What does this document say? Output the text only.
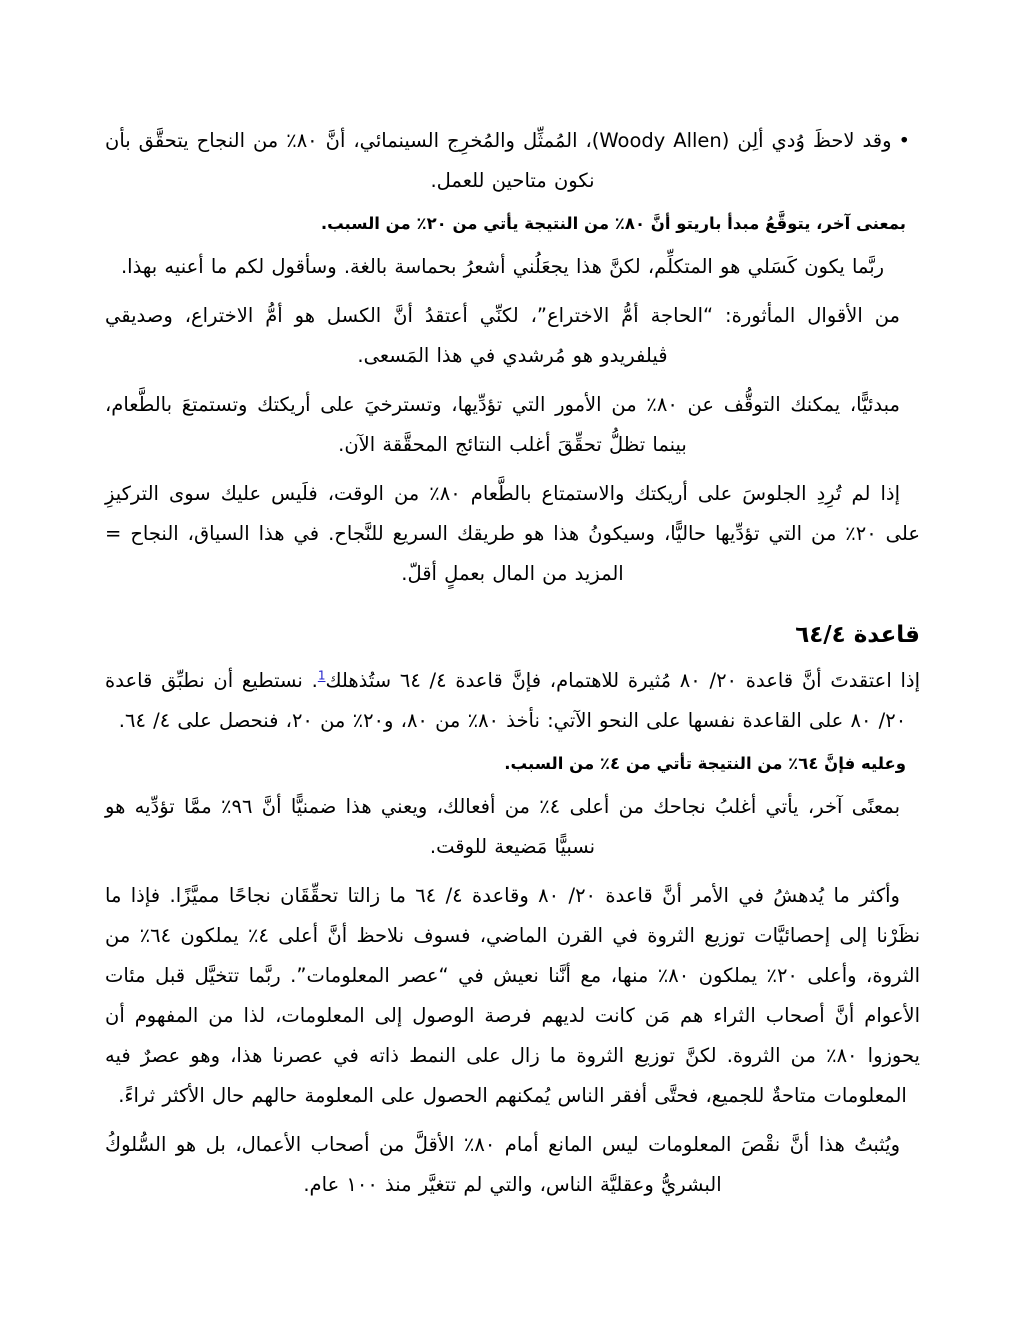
•وقد لاحظَ وُدي ألِن (Woody Allen)، المُمثِّل والمُخرِج السينمائي، أنَّ ٨٠٪ من النجاح يتحقَّق بأن نكون متاحين للعمل.

بمعنى آخر، يتوقَّعُ مبدأ باريتو أنَّ ٨٠٪ من النتيجة يأتي من ٢٠٪ من السبب.

ربَّما يكون كَسَلي هو المتكلِّم، لكنَّ هذا يجعَلُني أشعرُ بحماسة بالغة. وسأقول لكم ما أعنيه بهذا.

من الأقوال المأثورة: “الحاجة أمُّ الاختراع”، لكنِّي أعتقدُ أنَّ الكسل هو أمُّ الاختراع، وصديقي ڤيلفريدو هو مُرشدي في هذا المَسعى.

مبدئيًّا، يمكنك التوقُّف عن ٨٠٪ من الأمور التي تؤدِّيها، وتسترخيَ على أريكتك وتستمتعَ بالطَّعام، بينما تظلُّ تحقِّقَ أغلب النتائج المحقَّقة الآن.

إذا لم تُرِدِ الجلوسَ على أريكتك والاستمتاع بالطَّعام ٨٠٪ من الوقت، فلَيس عليك سوى التركيزِ على ٢٠٪ من التي تؤدِّيها حاليًّا، وسيكونُ هذا هو طريقك السريع للنَّجاح. في هذا السياق، النجاح = المزيد من المال بعملٍ أقلّ.

قاعدة ٦٤/٤

إذا اعتقدتَ أنَّ قاعدة ٢٠/ ٨٠ مُثيرة للاهتمام، فإنَّ قاعدة ٤/ ٦٤ ستُذهلك$^1$. نستطيع أن نطبِّق قاعدة ٢٠/ ٨٠ على القاعدة نفسها على النحو الآتي: نأخذ ٨٠٪ من ٨٠، و٢٠٪ من ٢٠، فنحصل على ٤/ ٦٤.

وعليه فإنَّ ٦٤٪ من النتيجة تأتي من ٤٪ من السبب.

بمعنًى آخر، يأتي أغلبُ نجاحك من أعلى ٤٪ من أفعالك، ويعني هذا ضمنيًّا أنَّ ٩٦٪ ممَّا تؤدِّيه هو نسبيًّا مَضيعة للوقت.

وأكثر ما يُدهشُ في الأمر أنَّ قاعدة ٢٠/ ٨٠ وقاعدة ٤/ ٦٤ ما زالتا تحقِّقَان نجاحًا مميَّزًا. فإذا ما نظَرْنا إلى إحصائيَّات توزيع الثروة في القرن الماضي، فسوف نلاحظ أنَّ أعلى ٤٪ يملكون ٦٤٪ من الثروة، وأعلى ٢٠٪ يملكون ٨٠٪ منها، مع أنَّنا نعيش في “عصر المعلومات”. ربَّما تتخيَّل قبل مئات الأعوام أنَّ أصحاب الثراء هم مَن كانت لديهم فرصة الوصول إلى المعلومات، لذا من المفهوم أن يحوزوا ٨٠٪ من الثروة. لكنَّ توزيع الثروة ما زال على النمط ذاته في عصرنا هذا، وهو عصرٌ فيه المعلومات متاحةٌ للجميع، فحتَّى أفقر الناس يُمكنهم الحصول على المعلومة حالهم حال الأكثر ثراءً.

ويُثبتُ هذا أنَّ نقْصَ المعلومات ليس المانع أمام ٨٠٪ الأقلَّ من أصحاب الأعمال، بل هو السُّلوكُ البشريُّ وعقليَّة الناس، والتي لم تتغيَّر منذ ١٠٠ عام.
